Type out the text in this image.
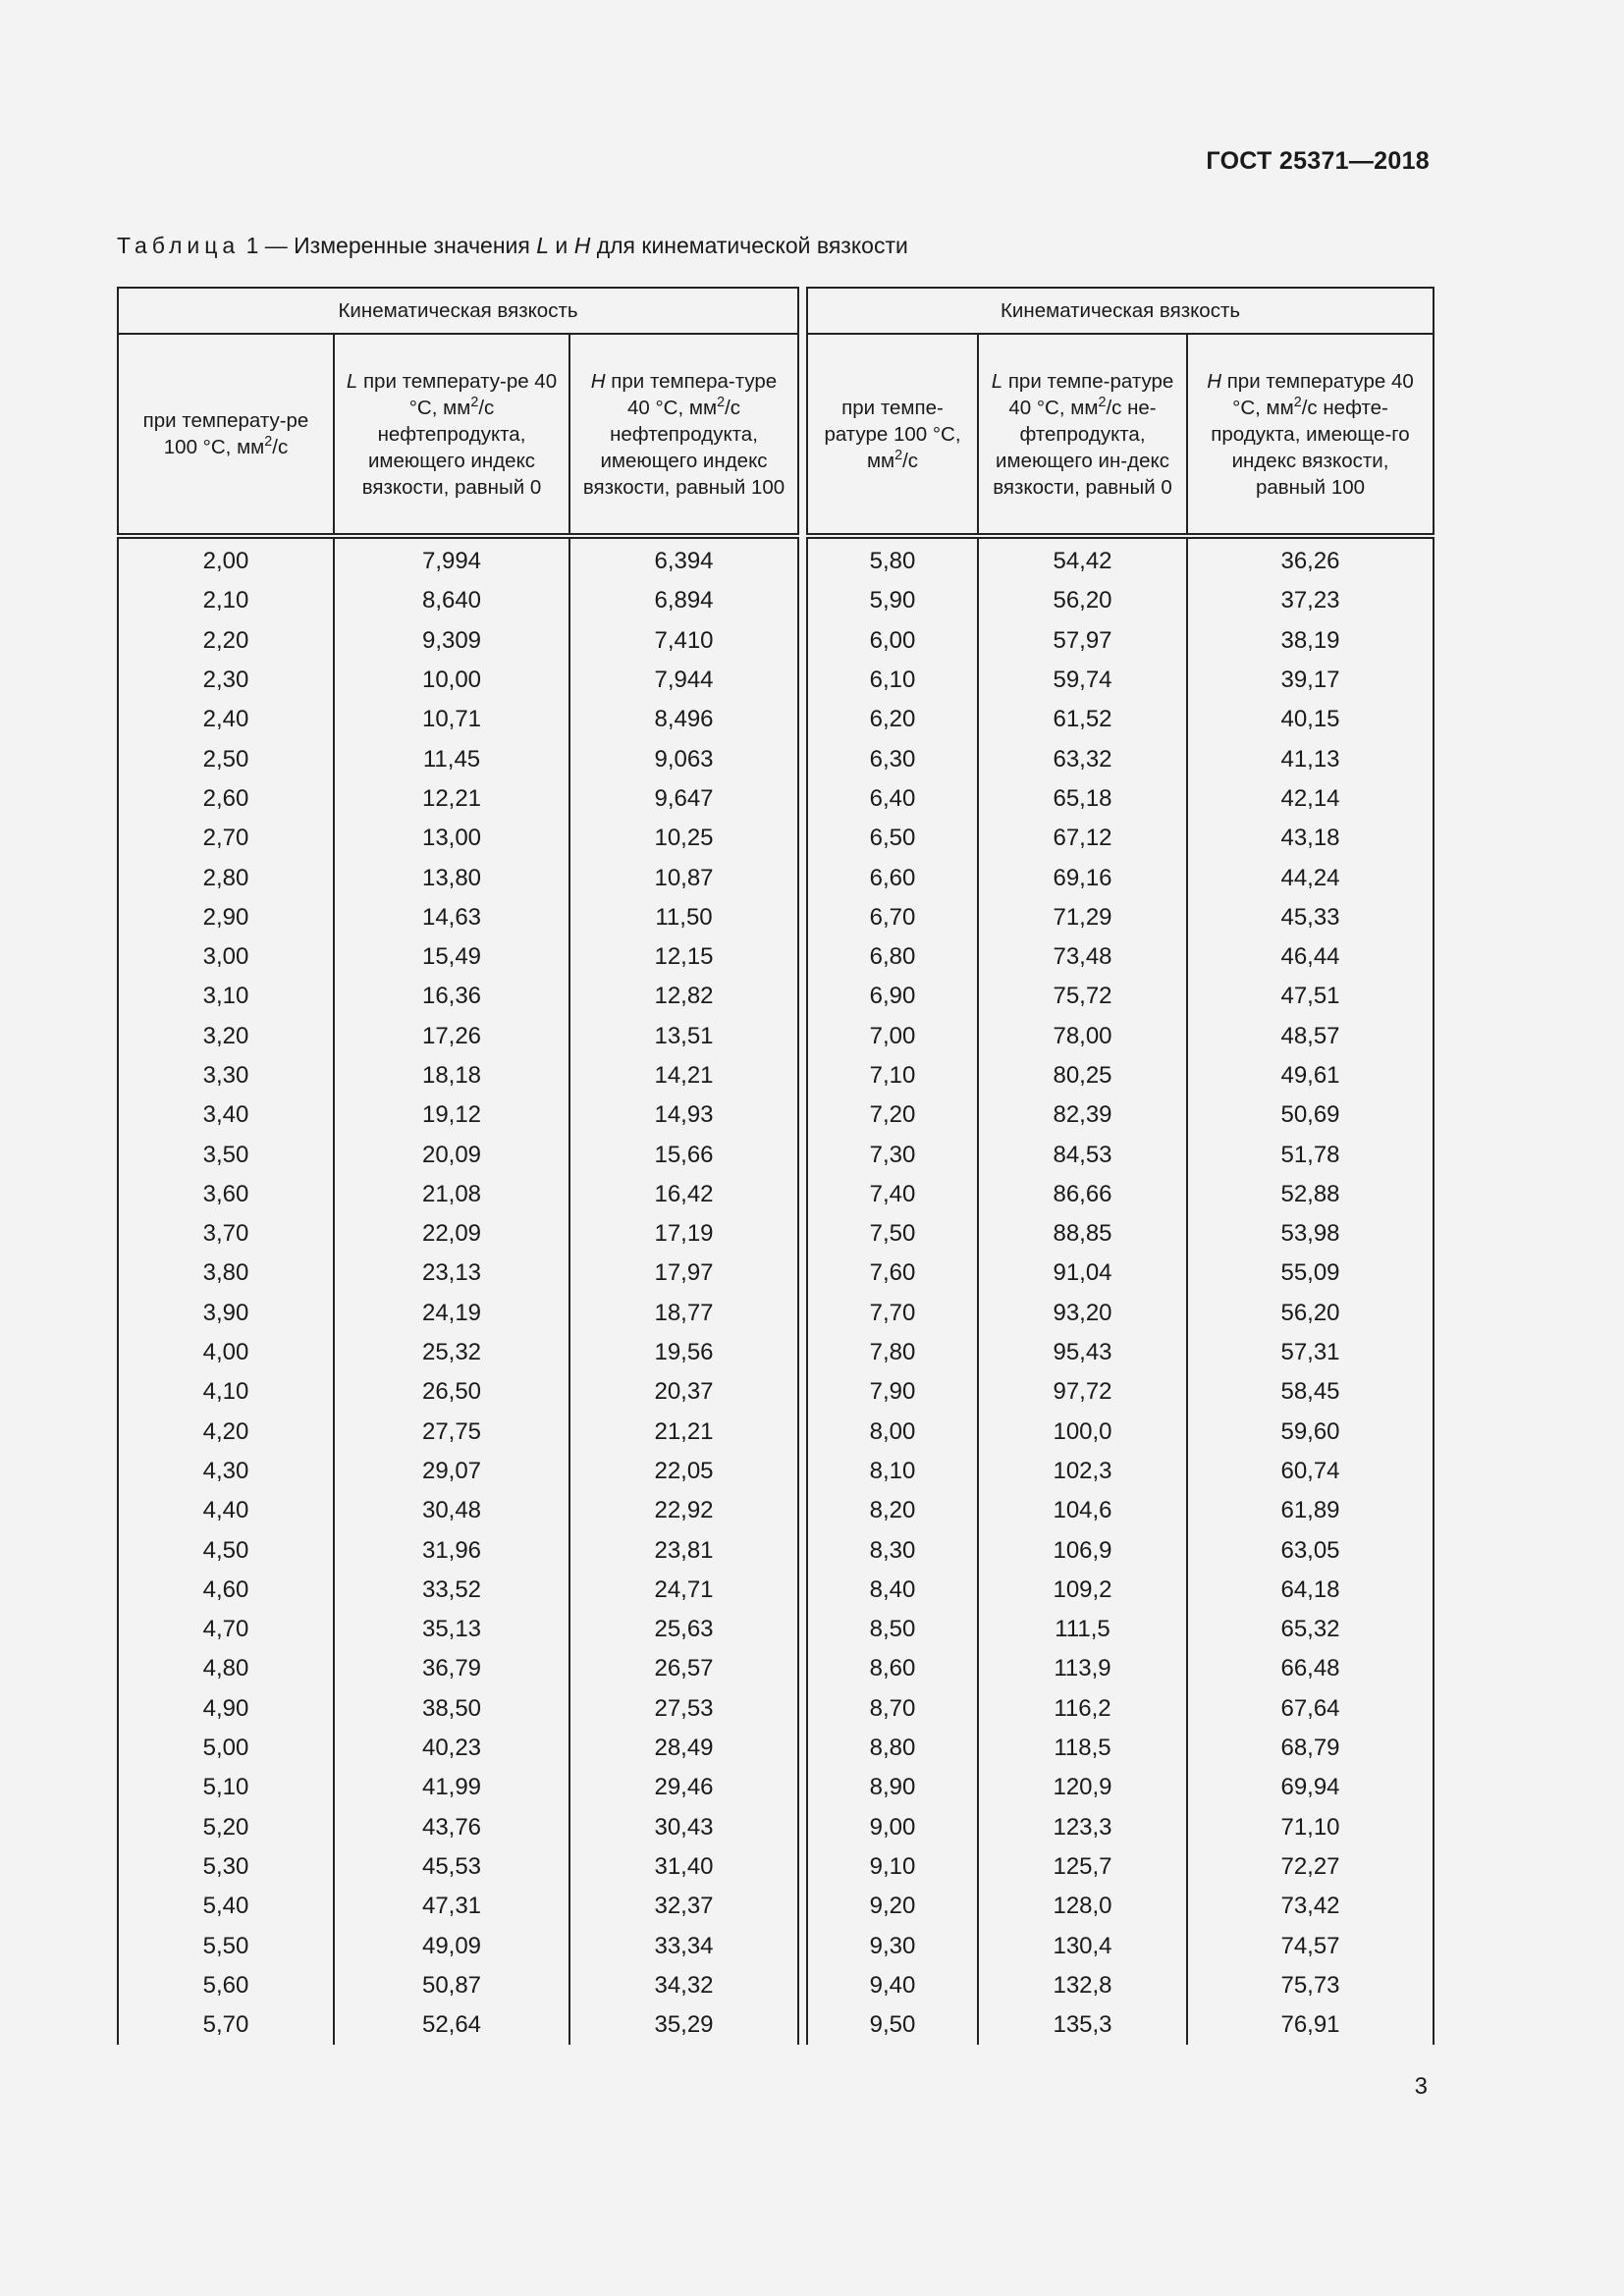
ГОСТ 25371—2018
Таблица 1 — Измеренные значения L и H для кинематической вязкости
Кинематическая вязкость		
при температу-ре 100 °C, $мм^2/с$	L при температу-ре 40 °C, $мм^2/с$ нефтепродукта, имеющего индекс вязкости, равный 0	H при темпера-туре 40 °C, $мм^2/с$ нефтепродукта, имеющего индекс вязкости, равный 100
2,00	7,994	6,394
2,10	8,640	6,894
2,20	9,309	7,410
2,30	10,00	7,944
2,40	10,71	8,496
2,50	11,45	9,063
2,60	12,21	9,647
2,70	13,00	10,25
2,80	13,80	10,87
2,90	14,63	11,50
3,00	15,49	12,15
3,10	16,36	12,82
3,20	17,26	13,51
3,30	18,18	14,21
3,40	19,12	14,93
3,50	20,09	15,66
3,60	21,08	16,42
3,70	22,09	17,19
3,80	23,13	17,97
3,90	24,19	18,77
4,00	25,32	19,56
4,10	26,50	20,37
4,20	27,75	21,21
4,30	29,07	22,05
4,40	30,48	22,92
4,50	31,96	23,81
4,60	33,52	24,71
4,70	35,13	25,63
4,80	36,79	26,57
4,90	38,50	27,53
5,00	40,23	28,49
5,10	41,99	29,46
5,20	43,76	30,43
5,30	45,53	31,40
5,40	47,31	32,37
5,50	49,09	33,34
5,60	50,87	34,32
5,70	52,64	35,29
Кинематическая вязкость		
при темпе-ратуре 100 °C, $мм^2/с$	L при темпе-ратуре 40 °C, $мм^2/с$ не-фтепродукта, имеющего ин-декс вязкости, равный 0	H при температуре 40 °C, $мм^2/с$ нефте-продукта, имеюще-го индекс вязкости, равный 100
5,80	54,42	36,26
5,90	56,20	37,23
6,00	57,97	38,19
6,10	59,74	39,17
6,20	61,52	40,15
6,30	63,32	41,13
6,40	65,18	42,14
6,50	67,12	43,18
6,60	69,16	44,24
6,70	71,29	45,33
6,80	73,48	46,44
6,90	75,72	47,51
7,00	78,00	48,57
7,10	80,25	49,61
7,20	82,39	50,69
7,30	84,53	51,78
7,40	86,66	52,88
7,50	88,85	53,98
7,60	91,04	55,09
7,70	93,20	56,20
7,80	95,43	57,31
7,90	97,72	58,45
8,00	100,0	59,60
8,10	102,3	60,74
8,20	104,6	61,89
8,30	106,9	63,05
8,40	109,2	64,18
8,50	111,5	65,32
8,60	113,9	66,48
8,70	116,2	67,64
8,80	118,5	68,79
8,90	120,9	69,94
9,00	123,3	71,10
9,10	125,7	72,27
9,20	128,0	73,42
9,30	130,4	74,57
9,40	132,8	75,73
9,50	135,3	76,91
3
